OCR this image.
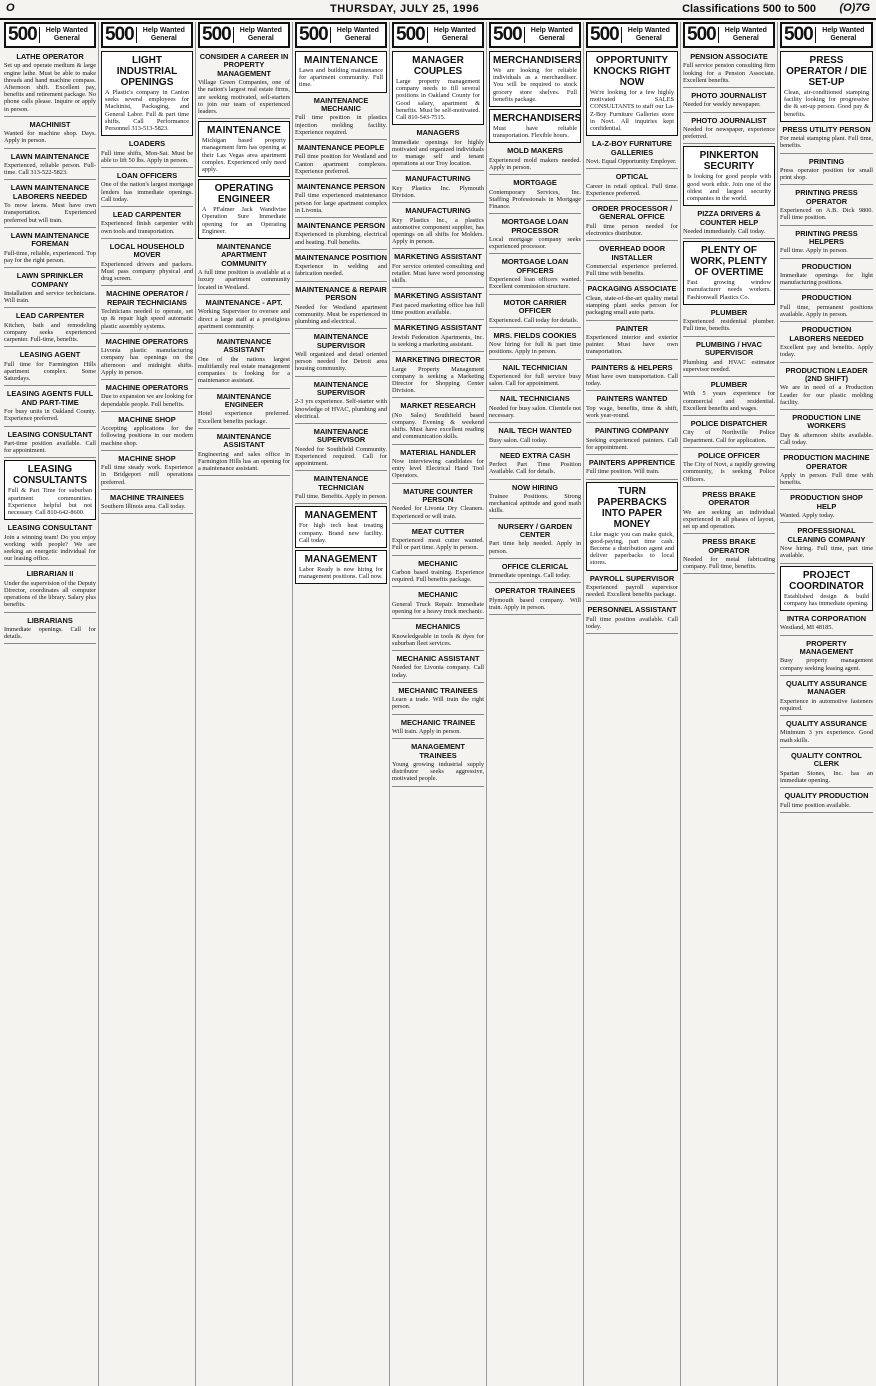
O	THURSDAY, JULY 25, 1996	Classifications 500 to 500 (O)7G
500	Help Wanted General
LATHE OPERATOR

Set up and operate medium & large engine lathe. Must be able to make threads and hand machine compass. Afternoon shift. Excellent pay, benefits and retirement package. No phone calls please. Inquire or apply in person.

MACHINIST

Wanted for machine shop. Days. Apply in person.

LAWN MAINTENANCE

Experienced, reliable person. Full-time. Call 313-522-5823.

LAWN MAINTENANCE LABORERS NEEDED

To mow lawns. Must have own transportation. Experienced preferred but will train.

LAWN MAINTENANCE FOREMAN

Full-time, reliable, experienced. Top pay for the right person.

LAWN SPRINKLER COMPANY

Installation and service technicians. Will train.

LEAD CARPENTER

Kitchen, bath and remodeling company seeks experienced carpenter. Full-time, benefits.

LEASING AGENT

Full time for Farmington Hills apartment complex. Some Saturdays.

LEASING AGENTS FULL AND PART-TIME

For busy units in Oakland County. Experience preferred.

LEASING CONSULTANT

Part-time position available. Call for appointment.

LEASING CONSULTANTS

Full & Part Time for suburban apartment communities. Experience helpful but not necessary. Call 810-642-8600.

LEASING CONSULTANT

Join a winning team! Do you enjoy working with people? We are seeking an energetic individual for our leasing office.

LIBRARIAN II

Under the supervision of the Deputy Director, coordinates all computer operations of the library. Salary plus benefits.

LIBRARIANS

Immediate openings. Call for details.

500	Help Wanted General
LIGHT INDUSTRIAL OPENINGS

A Plastic's company in Canton seeks several employees for Machinist, Packaging, and General Labor. Full & part time shifts. Call Performance Personnel 313-513-5823.

LOADERS

Full time shifts, Mon-Sat. Must be able to lift 50 lbs. Apply in person.

LOAN OFFICERS

One of the nation's largest mortgage lenders has immediate openings. Call today.

LEAD CARPENTER

Experienced finish carpenter with own tools and transportation.

LOCAL HOUSEHOLD MOVER

Experienced drivers and packers. Must pass company physical and drug screen.

MACHINE OPERATOR / REPAIR TECHNICIANS

Technicians needed to operate, set up & repair high speed automatic plastic assembly systems.

MACHINE OPERATORS

Livonia plastic manufacturing company has openings on the afternoon and midnight shifts. Apply in person.

MACHINE OPERATORS

Due to expansion we are looking for dependable people. Full benefits.

MACHINE SHOP

Accepting applications for the following positions in our modern machine shop.

MACHINE SHOP

Full time steady work. Experience in Bridgeport mill operations preferred.

MACHINE TRAINEES

Southern Illinois area. Call today.

500	Help Wanted General
CONSIDER A CAREER IN PROPERTY MANAGEMENT

Village Green Companies, one of the nation's largest real estate firms, are seeking motivated, self-starters to join our team of experienced leaders.

MAINTENANCE

Michigan based property management firm has opening at their Las Vegas area apartment complex. Experienced only need apply.

OPERATING ENGINEER

A PFalmer Jack Wandivise Operation Sure Immediate opening for an Operating Engineer.

MAINTENANCE APARTMENT COMMUNITY

A full time position is available at a luxury apartment community located in Westland.

MAINTENANCE - APT.

Working Supervisor to oversee and direct a large staff at a prestigious apartment community.

MAINTENANCE ASSISTANT

One of the nations largest multifamily real estate management companies is looking for a maintenance assistant.

MAINTENANCE ENGINEER

Hotel experience preferred. Excellent benefits package.

MAINTENANCE ASSISTANT

Engineering and sales office in Farmington Hills has an opening for a maintenance assistant.

500	Help Wanted General
MAINTENANCE

Lawn and building maintenance for apartment community. Full time.

MAINTENANCE MECHANIC

Full time position in plastics injection molding facility. Experience required.

MAINTENANCE PEOPLE

Full time position for Westland and Canton apartment complexes. Experience preferred.

MAINTENANCE PERSON

Full time experienced maintenance person for large apartment complex in Livonia.

MAINTENANCE PERSON

Experienced in plumbing, electrical and heating. Full benefits.

MAINTENANCE POSITION

Experience in welding and fabrication needed.

MAINTENANCE & REPAIR PERSON

Needed for Westland apartment community. Must be experienced in plumbing and electrical.

MAINTENANCE SUPERVISOR

Well organized and detail oriented person needed for Detroit area housing community.

MAINTENANCE SUPERVISOR

2-3 yrs experience. Self-starter with knowledge of HVAC, plumbing and electrical.

MAINTENANCE SUPERVISOR

Needed for Southfield Community. Experienced required. Call for appointment.

MAINTENANCE TECHNICIAN

Full time. Benefits. Apply in person.

MANAGEMENT

For high tech heat treating company. Brand new facility. Call today.

MANAGEMENT

Labor Ready is now hiring for management positions. Call now.

500	Help Wanted General
MANAGER COUPLES

Large property management company needs to fill several positions in Oakland County for Good salary, apartment & benefits. Must be self-motivated. Call 810-543-7515.

MANAGERS

Immediate openings for highly motivated and organized individuals to manage self and tenant operations at our Troy location.

MANUFACTURING

Key Plastics Inc. Plymouth Division.

MANUFACTURING

Key Plastics Inc., a plastics automotive component supplier, has openings on all shifts for Molders. Apply in person.

MARKETING ASSISTANT

For service oriented consulting and retailer. Must have word processing skills.

MARKETING ASSISTANT

Fast paced marketing office has full time position available.

MARKETING ASSISTANT

Jewish Federation Apartments, Inc. is seeking a marketing assistant.

MARKETING DIRECTOR

Large Property Management company is seeking a Marketing Director for Shopping Center Division.

MARKET RESEARCH

(No Sales) Southfield based company. Evening & weekend shifts. Must have excellent reading and communication skills.

MATERIAL HANDLER

Now interviewing candidates for entry level Electrical Hand Tool Operators.

MATURE COUNTER PERSON

Needed for Livonia Dry Cleaners. Experienced or will train.

MEAT CUTTER

Experienced meat cutter wanted. Full or part time. Apply in person.

MECHANIC

Carbon based training. Experience required. Full benefits package.

MECHANIC

General Truck Repair. Immediate opening for a heavy truck mechanic.

MECHANICS

Knowledgeable in tools & dyes for suburban fleet services.

MECHANIC ASSISTANT

Needed for Livonia company. Call today.

MECHANIC TRAINEES

Learn a trade. Will train the right person.

MECHANIC TRAINEE

Will train. Apply in person.

MANAGEMENT TRAINEES

Young growing industrial supply distributor seeks aggressive, motivated people.

500	Help Wanted General
MERCHANDISERS

We are looking for reliable individuals as a merchandiser. You will be required to stock grocery store shelves. Full benefits package.

MERCHANDISERS

Must have reliable transportation. Flexible hours.

MOLD MAKERS

Experienced mold makers needed. Apply in person.

MORTGAGE

Contemporary Services, Inc. Staffing Professionals in Mortgage Finance.

MORTGAGE LOAN PROCESSOR

Local mortgage company seeks experienced processor.

MORTGAGE LOAN OFFICERS

Experienced loan officers wanted. Excellent commission structure.

MOTOR CARRIER OFFICER

Experienced. Call today for details.

MRS. FIELDS COOKIES

Now hiring for full & part time positions. Apply in person.

NAIL TECHNICIAN

Experienced for full service busy salon. Call for appointment.

NAIL TECHNICIANS

Needed for busy salon. Clientele not necessary.

NAIL TECH WANTED

Busy salon. Call today.

NEED EXTRA CASH

Perfect Part Time Position Available. Call for details.

NOW HIRING

Trainee Positions. Strong mechanical aptitude and good math skills.

NURSERY / GARDEN CENTER

Part time help needed. Apply in person.

OFFICE CLERICAL

Immediate openings. Call today.

OPERATOR TRAINEES

Plymouth based company. Will train. Apply in person.

500	Help Wanted General
OPPORTUNITY KNOCKS RIGHT NOW

We're looking for a few highly motivated SALES CONSULTANTS to staff our La-Z-Boy Furniture Galleries store in Novi. All inquiries kept confidential.

LA-Z-BOY FURNITURE GALLERIES

Novi. Equal Opportunity Employer.

OPTICAL

Career in retail optical. Full time. Experience preferred.

ORDER PROCESSOR / GENERAL OFFICE

Full time person needed for electronics distributor.

OVERHEAD DOOR INSTALLER

Commercial experience preferred. Full time with benefits.

PACKAGING ASSOCIATE

Clean, state-of-the-art quality metal stamping plant seeks person for packaging small auto parts.

PAINTER

Experienced interior and exterior painter. Must have own transportation.

PAINTERS & HELPERS

Must have own transportation. Call today.

PAINTERS WANTED

Top wage, benefits, time & shift, work year-round.

PAINTING COMPANY

Seeking experienced painters. Call for appointment.

PAINTERS APPRENTICE

Full time position. Will train.

TURN PAPERBACKS INTO PAPER MONEY

Like magic you can make quick, good-paying, part time cash. Become a distribution agent and deliver paperbacks to local stores.

PAYROLL SUPERVISOR

Experienced payroll supervisor needed. Excellent benefits package.

PERSONNEL ASSISTANT

Full time position available. Call today.

500	Help Wanted General
PENSION ASSOCIATE

Full service pension consulting firm looking for a Pension Associate. Excellent benefits.

PHOTO JOURNALIST

Needed for weekly newspaper.

PHOTO JOURNALIST

Needed for newspaper, experience preferred.

PINKERTON SECURITY

Is looking for good people with good work ethic. Join one of the oldest and largest security companies in the world.

PIZZA DRIVERS & COUNTER HELP

Needed immediately. Call today.

PLENTY OF WORK, PLENTY OF OVERTIME

Fast growing window manufacturer needs workers. Fashionwall Plastics Co.

PLUMBER

Experienced residential plumber. Full time, benefits.

PLUMBING / HVAC SUPERVISOR

Plumbing and HVAC estimator supervisor needed.

PLUMBER

With 5 years experience for commercial and residential. Excellent benefits and wages.

POLICE DISPATCHER

City of Northville Police Department. Call for application.

POLICE OFFICER

The City of Novi, a rapidly growing community, is seeking Police Officers.

PRESS BRAKE OPERATOR

We are seeking an individual experienced in all phases of layout, set up and operation.

PRESS BRAKE OPERATOR

Needed for metal fabricating company. Full time, benefits.

500	Help Wanted General
PRESS OPERATOR / DIE SET-UP

Clean, air-conditioned stamping facility looking for progressive die & set-up person. Good pay & benefits.

PRESS UTILITY PERSON

For metal stamping plant. Full time, benefits.

PRINTING

Press operator position for small print shop.

PRINTING PRESS OPERATOR

Experienced on A.B. Dick 9800. Full time position.

PRINTING PRESS HELPERS

Full time. Apply in person.

PRODUCTION

Immediate openings for light manufacturing positions.

PRODUCTION

Full time, permanent positions available. Apply in person.

PRODUCTION LABORERS NEEDED

Excellent pay and benefits. Apply today.

PRODUCTION LEADER (2ND SHIFT)

We are in need of a Production Leader for our plastic molding facility.

PRODUCTION LINE WORKERS

Day & afternoon shifts available. Call today.

PRODUCTION MACHINE OPERATOR

Apply in person. Full time with benefits.

PRODUCTION SHOP HELP

Wanted. Apply today.

PROFESSIONAL CLEANING COMPANY

Now hiring. Full time, part time available.

PROJECT COORDINATOR

Established design & build company has immediate opening.

INTRA CORPORATION

Westland, MI 48185.

PROPERTY MANAGEMENT

Busy property management company seeking leasing agent.

QUALITY ASSURANCE MANAGER

Experience in automotive fasteners required.

QUALITY ASSURANCE

Minimum 3 yrs experience. Good math skills.

QUALITY CONTROL CLERK

Spartan Stones, Inc. has an immediate opening.

QUALITY PRODUCTION

Full time position available.
